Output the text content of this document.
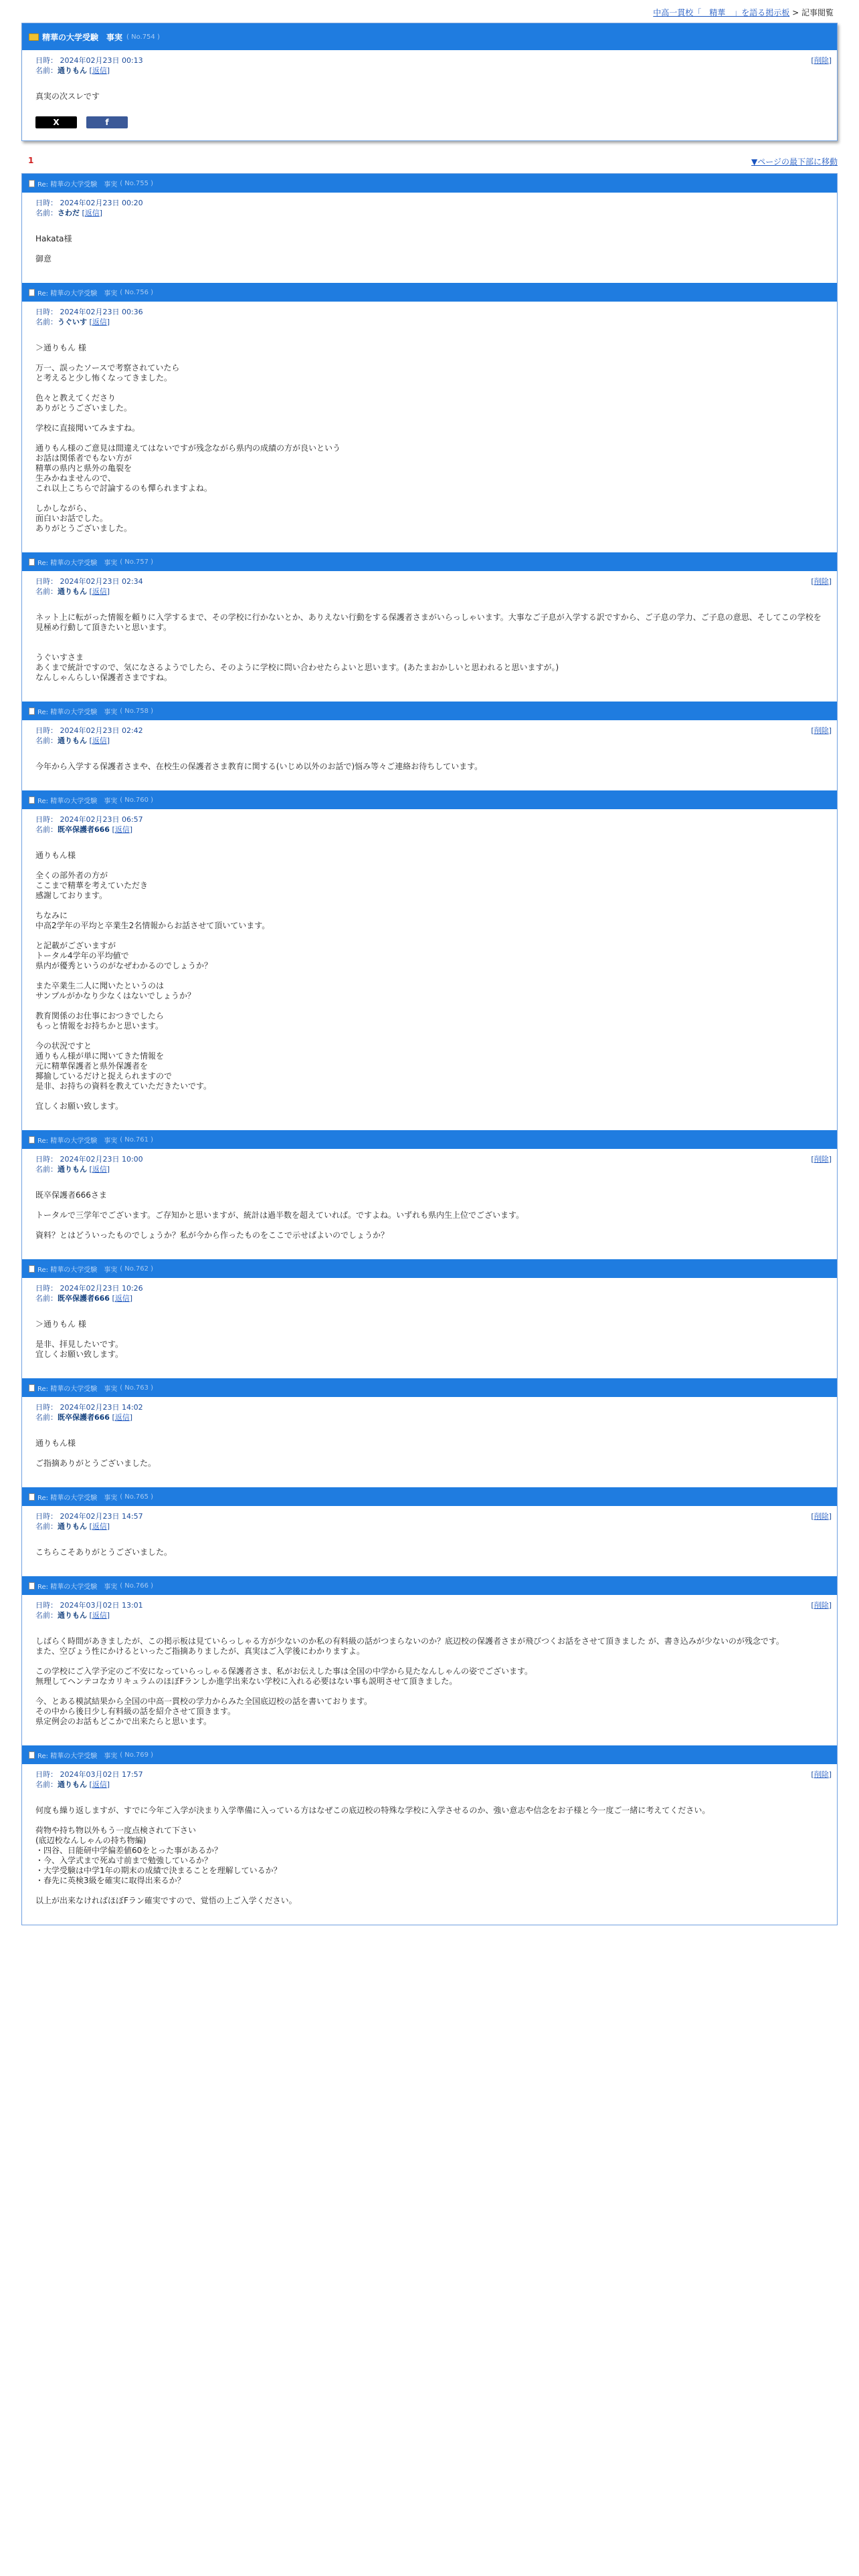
中高一貫校「　精華　」を語る掲示板 > 記事閲覧
精華の大学受験　事実 ( No.754 )
日時： 2024年02月23日 00:13
名前：通りもん [返信]
[削除]
真実の次スレです
X	f
1	▼ページの最下部に移動
Re: 精華の大学受験　事実 ( No.755 )
日時： 2024年02月23日 00:20
名前：さわだ [返信]
Hakata様

御意
Re: 精華の大学受験　事実 ( No.756 )
日時： 2024年02月23日 00:36
名前：うぐいす [返信]
＞通りもん 様

万一、誤ったソースで考察されていたら
と考えると少し怖くなってきました。

色々と教えてくださり
ありがとうございました。

学校に直接聞いてみますね。

通りもん様のご意見は間違えてはないですが残念ながら県内の成績の方が良いという
お話は関係者でもない方が
精華の県内と県外の亀裂を
生みかねませんので、
これ以上こちらで討論するのも憚られますよね。

しかしながら、
面白いお話でした。
ありがとうございました。
Re: 精華の大学受験　事実 ( No.757 )
日時： 2024年02月23日 02:34
名前：通りもん [返信]
[削除]
ネット上に転がった情報を頼りに入学するまで、その学校に行かないとか、ありえない行動をする保護者さまがいらっしゃいます。大事なご子息が入学する訳ですから、ご子息の学力、ご子息の意思、そしてこの学校を見極め行動して頂きたいと思います。

うぐいすさま
あくまで統計ですので、気になさるようでしたら、そのように学校に問い合わせたらよいと思います。(あたまおかしいと思われると思いますが。)
なんしゃんらしい保護者さまですね。
Re: 精華の大学受験　事実 ( No.758 )
日時： 2024年02月23日 02:42
名前：通りもん [返信]
[削除]
今年から入学する保護者さまや、在校生の保護者さま教育に関する(いじめ以外のお話で)悩み等々ご連絡お待ちしています。
Re: 精華の大学受験　事実 ( No.760 )
日時： 2024年02月23日 06:57
名前：既卒保護者666 [返信]
通りもん様

全くの部外者の方が
ここまで精華を考えていただき
感謝しております。

ちなみに
中高2学年の平均と卒業生2名情報からお話させて頂いています。

と記載がございますが
トータル4学年の平均値で
県内が優秀というのがなぜわかるのでしょうか？

また卒業生二人に聞いたというのは
サンプルがかなり少なくはないでしょうか？

教育関係のお仕事におつきでしたら
もっと情報をお持ちかと思います。

今の状況ですと
通りもん様が単に聞いてきた情報を
元に精華保護者と県外保護者を
揶揄しているだけと捉えられますので
是非、お持ちの資料を教えていただきたいです。

宜しくお願い致します。
Re: 精華の大学受験　事実 ( No.761 )
日時： 2024年02月23日 10:00
名前：通りもん [返信]
[削除]
既卒保護者666さま

トータルで三学年でございます。ご存知かと思いますが、統計は過半数を超えていれば。ですよね。いずれも県内生上位でございます。

資料？とはどういったものでしょうか？私が今から作ったものをここで示せばよいのでしょうか？
Re: 精華の大学受験　事実 ( No.762 )
日時： 2024年02月23日 10:26
名前：既卒保護者666 [返信]
＞通りもん 様

是非、拝見したいです。
宜しくお願い致します。
Re: 精華の大学受験　事実 ( No.763 )
日時： 2024年02月23日 14:02
名前：既卒保護者666 [返信]
通りもん様

ご指摘ありがとうございました。
Re: 精華の大学受験　事実 ( No.765 )
日時： 2024年02月23日 14:57
名前：通りもん [返信]
[削除]
こちらこそありがとうございました。
Re: 精華の大学受験　事実 ( No.766 )
日時： 2024年03月02日 13:01
名前：通りもん [返信]
[削除]
しばらく時間があきましたが、この掲示板は見ていらっしゃる方が少ないのか私の有料級の話がつまらないのか？底辺校の保護者さまが飛びつくお話をさせて頂きました が、書き込みが少ないのが残念です。
また、空びょう性にかけるといったご指摘ありましたが、真実はご入学後にわかりますよ。

この学校にご入学予定のご不安になっていらっしゃる保護者さま、私がお伝えした事は全国の中学から見たなんしゃんの姿でございます。
無理してヘンテコなカリキュラムのほぼFランしか進学出来ない学校に入れる必要はない事も説明させて頂きました。

今、とある模試結果から全国の中高一貫校の学力からみた全国底辺校の話を書いております。
その中から後日少し有料級の話を紹介させて頂きます。
県定例会のお話もどこかで出来たらと思います。
Re: 精華の大学受験　事実 ( No.769 )
日時： 2024年03月02日 17:57
名前：通りもん [返信]
[削除]
何度も繰り返しますが、すでに今年ご入学が決まり入学準備に入っている方はなぜこの底辺校の特殊な学校に入学させるのか、強い意志や信念をお子様と今一度ご一緒に考えてください。

荷物や持ち物以外もう一度点検されて下さい
(底辺校なんしゃんの持ち物編)
・四谷、日能研中学偏差値60をとった事があるか？
・今、入学式まで死ぬ寸前まで勉強しているか？
・大学受験は中学1年の期末の成績で決まることを理解しているか？
・春先に英検3級を確実に取得出来るか？

以上が出来なければほぼFラン確実ですので、覚悟の上ご入学ください。
